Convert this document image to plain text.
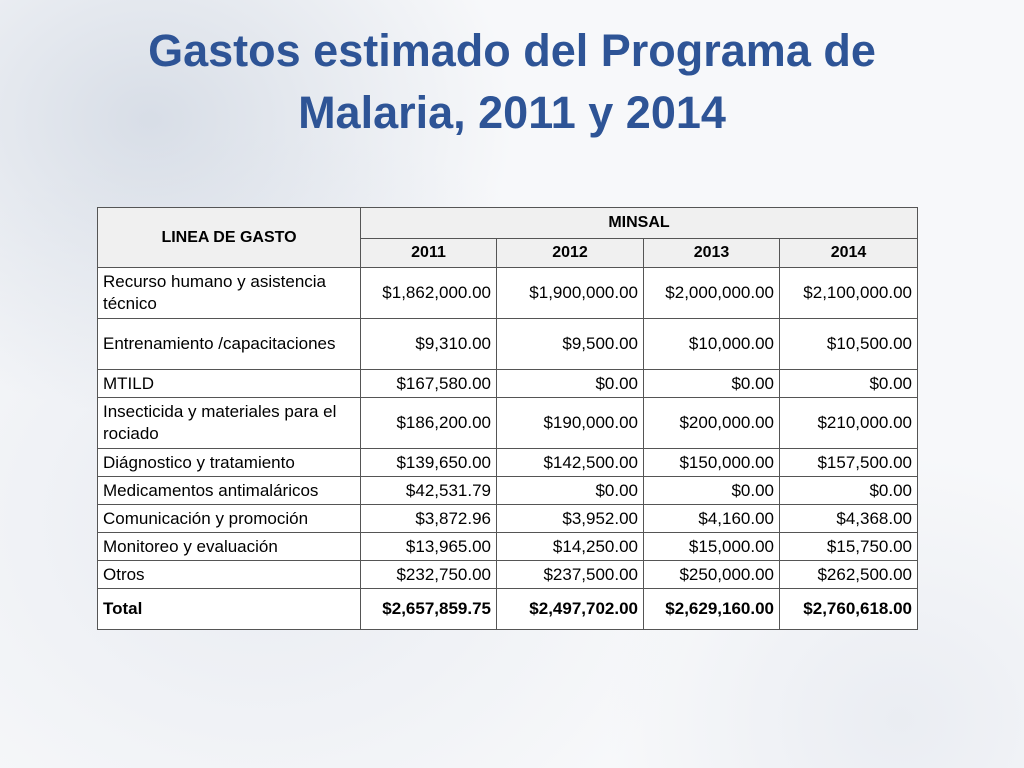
Gastos estimado del Programa de
Malaria, 2011 y 2014
LINEA DE GASTO	MINSAL			
	2011	2012	2013	2014
Recurso humano y asistencia técnico	$1,862,000.00	$1,900,000.00	$2,000,000.00	$2,100,000.00
Entrenamiento /capacitaciones	$9,310.00	$9,500.00	$10,000.00	$10,500.00
MTILD	$167,580.00	$0.00	$0.00	$0.00
Insecticida y materiales para el rociado	$186,200.00	$190,000.00	$200,000.00	$210,000.00
Diágnostico y tratamiento	$139,650.00	$142,500.00	$150,000.00	$157,500.00
Medicamentos antimaláricos	$42,531.79	$0.00	$0.00	$0.00
Comunicación y promoción	$3,872.96	$3,952.00	$4,160.00	$4,368.00
Monitoreo y evaluación	$13,965.00	$14,250.00	$15,000.00	$15,750.00
Otros	$232,750.00	$237,500.00	$250,000.00	$262,500.00
Total	$2,657,859.75	$2,497,702.00	$2,629,160.00	$2,760,618.00
